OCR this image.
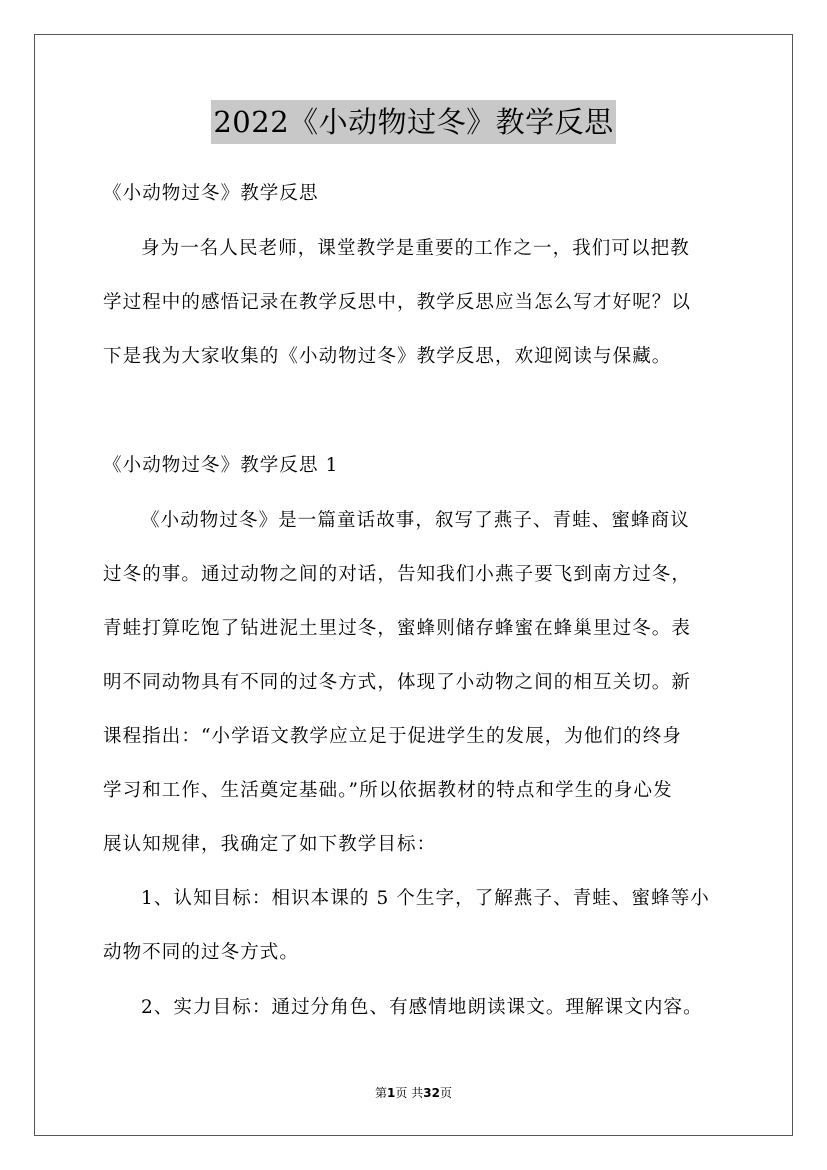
2022《小动物过冬》教学反思
《小动物过冬》教学反思
身为一名人民老师，课堂教学是重要的工作之一，我们可以把教
学过程中的感悟记录在教学反思中，教学反思应当怎么写才好呢？以
下是我为大家收集的《小动物过冬》教学反思，欢迎阅读与保藏。
《小动物过冬》教学反思 1
《小动物过冬》是一篇童话故事，叙写了燕子、青蛙、蜜蜂商议
过冬的事。通过动物之间的对话，告知我们小燕子要飞到南方过冬，
青蛙打算吃饱了钻进泥土里过冬，蜜蜂则储存蜂蜜在蜂巢里过冬。表
明不同动物具有不同的过冬方式，体现了小动物之间的相互关切。新
课程指出：“小学语文教学应立足于促进学生的发展，为他们的终身
学习和工作、生活奠定基础。”所以依据教材的特点和学生的身心发
展认知规律，我确定了如下教学目标：
1、认知目标：相识本课的 5 个生字，了解燕子、青蛙、蜜蜂等小
动物不同的过冬方式。
2、实力目标：通过分角色、有感情地朗读课文。理解课文内容。
第1页 共32页
